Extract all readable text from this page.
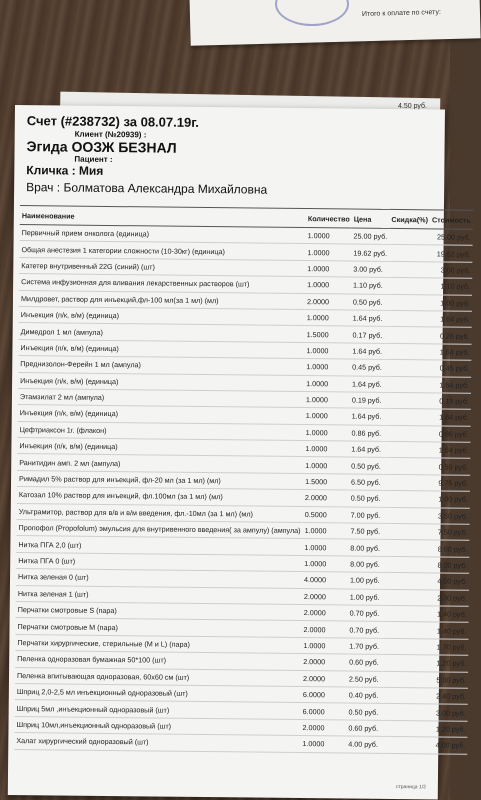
Итого к оплате по счету:
4.50 руб.
Счет (#238732) за 08.07.19г.
Клиент (№20939) :
Эгида ООЗЖ БЕЗНАЛ
Пациент :
Кличка : Мия
Врач : Болматова Александра Михайловна
Наименование	Количество	Цена	Скидка(%)	Стоимость
Первичный прием онколога (единица)	1.0000	25.00 руб.		25.00 руб.
Общая анестезия 1 категории сложности (10-30кг) (единица)	1.0000	19.62 руб.		19.62 руб.
Катетер внутривенный 22G (синий) (шт)	1.0000	3.00 руб.		3.00 руб.
Система инфузионная для вливания лекарственных растворов (шт)	1.0000	1.10 руб.		1.10 руб.
Милдровет, раствор для инъекций,фл-100 мл(за 1 мл) (мл)	2.0000	0.50 руб.		1.00 руб.
Инъекция (п/к, в/м) (единица)	1.0000	1.64 руб.		1.64 руб.
Димедрол 1 мл (ампула)	1.5000	0.17 руб.		0.26 руб.
Инъекция (п/к, в/м) (единица)	1.0000	1.64 руб.		1.64 руб.
Преднизолон-Ферейн 1 мл (ампула)	1.0000	0.45 руб.		0.45 руб.
Инъекция (п/к, в/м) (единица)	1.0000	1.64 руб.		1.64 руб.
Этамзилат 2 мл (ампула)	1.0000	0.19 руб.		0.19 руб.
Инъекция (п/к, в/м) (единица)	1.0000	1.64 руб.		1.64 руб.
Цефтриаксон 1г. (флакон)	1.0000	0.86 руб.		0.86 руб.
Инъекция (п/к, в/м) (единица)	1.0000	1.64 руб.		1.64 руб.
Ранитидин амп. 2 мл (ампула)	1.0000	0.50 руб.		0.50 руб.
Римадил 5% раствор для инъекций, фл-20 мл (за 1 мл) (мл)	1.5000	6.50 руб.		9.75 руб.
Катозал 10% раствор для инъекций, фл.100мл (за 1 мл) (мл)	2.0000	0.50 руб.		1.00 руб.
Ультрамитор, раствор для в/в и в/м введения, фл.-10мл (за 1 мл) (мл)	0.5000	7.00 руб.		3.50 руб.
Пропофол (Propofolum) эмульсия для внутривенного введения( за ампулу) (ампула)	1.0000	7.50 руб.		7.50 руб.
Нитка ПГА 2,0 (шт)	1.0000	8.00 руб.		8.00 руб.
Нитка ПГА 0 (шт)	1.0000	8.00 руб.		8.00 руб.
Нитка зеленая 0 (шт)	4.0000	1.00 руб.		4.00 руб.
Нитка зеленая 1 (шт)	2.0000	1.00 руб.		2.00 руб.
Перчатки смотровые S (пара)	2.0000	0.70 руб.		1.40 руб.
Перчатки смотровые М (пара)	2.0000	0.70 руб.		1.40 руб.
Перчатки хирургические, стерильные (M и L) (пара)	1.0000	1.70 руб.		1.70 руб.
Пеленка одноразовая бумажная 50*100 (шт)	2.0000	0.60 руб.		1.20 руб.
Пеленка впитывающая одноразовая, 60х60 см (шт)	2.0000	2.50 руб.		5.00 руб.
Шприц 2,0-2,5 мл инъекционный одноразовый (шт)	6.0000	0.40 руб.		2.40 руб.
Шприц 5мл ,инъекционный одноразовый (шт)	6.0000	0.50 руб.		3.00 руб.
Шприц 10мл,инъекционный одноразовый (шт)	2.0000	0.60 руб.		1.20 руб.
Халат хирургический одноразовый (шт)	1.0000	4.00 руб.		4.00 руб.
страница 1/2
